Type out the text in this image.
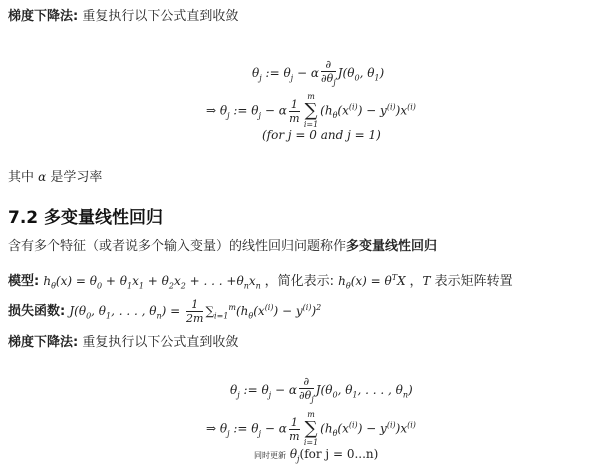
梯度下降法: 重复执行以下公式直到收敛
$\theta_j$ := $\theta_j - \alpha \frac{\partial}{\partial\theta_j} J(\theta_0$, $\theta_1$)
⇒ $\theta_j$ := $\theta_j - \alpha \frac{1}{m}$
m
∑
i=1
$(h_\theta(x^{(i)}) - y^{(i)})x^{(i)}$
(for j = 0 and j = 1)
其中 α 是学习率
7.2 多变量线性回归
含有多个特征（或者说多个输入变量）的线性回归问题称作多变量线性回归
模型: $h_\theta(x) = \theta_0 + \theta_1x_1 + \theta_2x_2$ + . . . $+\theta_nx_n$ ，简化表示: $h_\theta(x) = \theta^TX$ ，T 表示矩阵转置
损失函数: $J(\theta_0$, $\theta_1$, . . . , $\theta_n) = \frac{1}{2m} \sum_{i=1}^m(h_\theta(x^{(i)}) - y^{(i)})^2$
梯度下降法: 重复执行以下公式直到收敛
$\theta_j$ := $\theta_j - \alpha \frac{\partial}{\partial\theta_j} J(\theta_0$, $\theta_1$, . . . , $\theta_n$)
⇒ $\theta_j$ := $\theta_j - \alpha \frac{1}{m}$
m
∑
i=1
$(h_\theta(x^{(i)}) - y^{(i)})x^{(i)}$
同时更新 $\theta_j(for$ j = 0...n)
